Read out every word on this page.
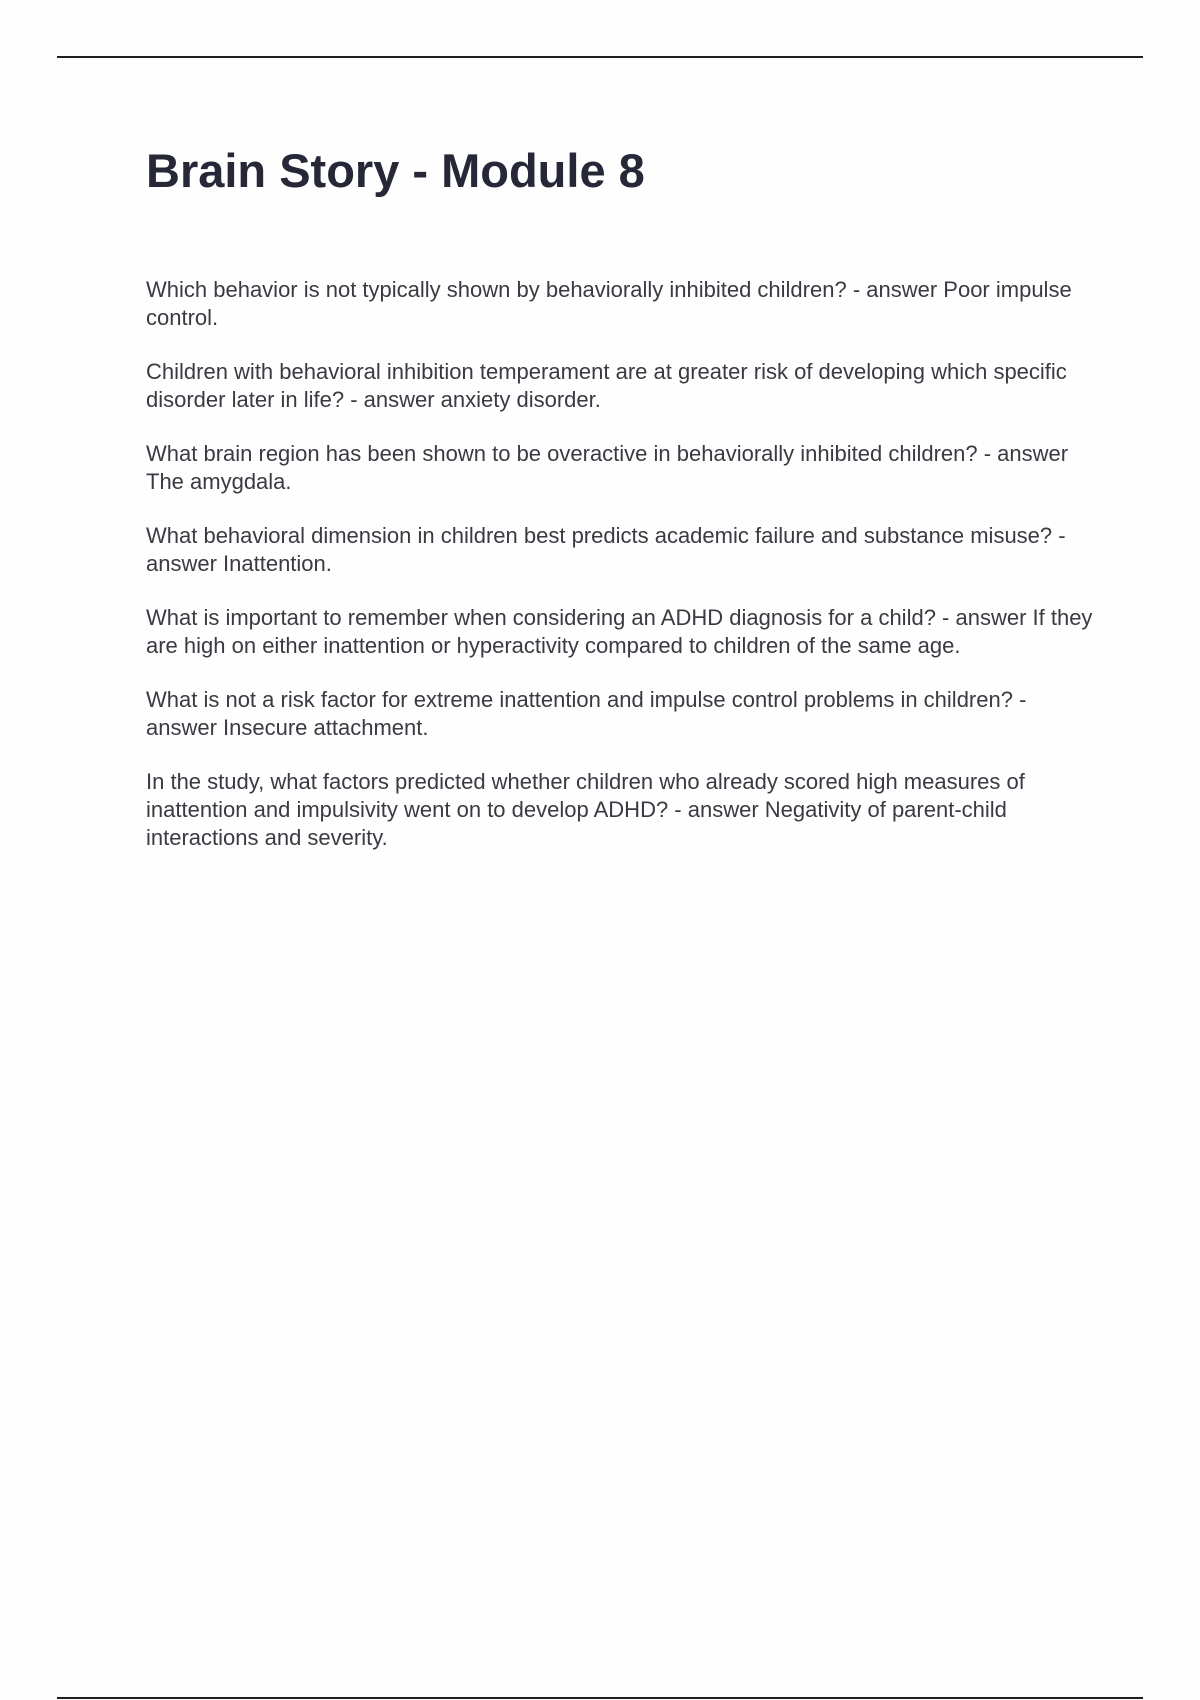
Brain Story - Module 8

Which behavior is not typically shown by behaviorally inhibited children? - answer Poor impulse control.

Children with behavioral inhibition temperament are at greater risk of developing which specific disorder later in life? - answer anxiety disorder.

What brain region has been shown to be overactive in behaviorally inhibited children? - answer The amygdala.

What behavioral dimension in children best predicts academic failure and substance misuse? - answer Inattention.

What is important to remember when considering an ADHD diagnosis for a child? - answer If they are high on either inattention or hyperactivity compared to children of the same age.

What is not a risk factor for extreme inattention and impulse control problems in children? - answer Insecure attachment.

In the study, what factors predicted whether children who already scored high measures of inattention and impulsivity went on to develop ADHD? - answer Negativity of parent-child interactions and severity.
